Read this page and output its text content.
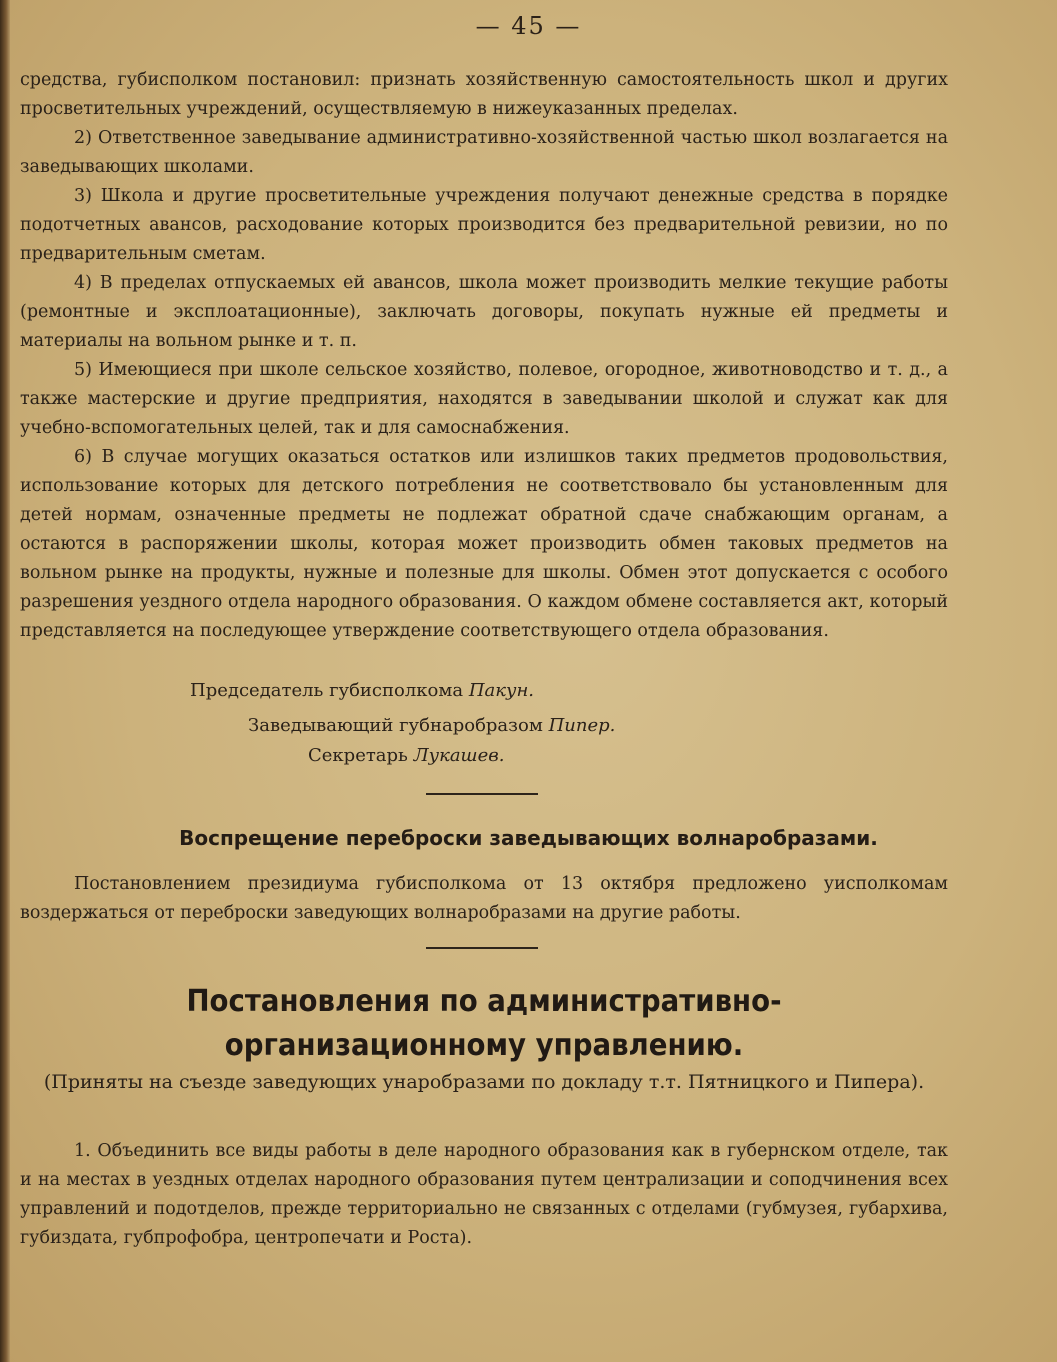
— 45 —

средства, губисполком постановил: признать хозяйственную самостоятельность школ и других просветительных учреждений, осуществляемую в нижеуказанных пределах.

2) Ответственное заведывание административно-хозяйственной частью школ возлагается на заведывающих школами.

3) Школа и другие просветительные учреждения получают денежные средства в порядке подотчетных авансов, расходование которых производится без предварительной ревизии, но по предварительным сметам.

4) В пределах отпускаемых ей авансов, школа может производить мелкие текущие работы (ремонтные и эксплоатационные), заключать договоры, покупать нужные ей предметы и материалы на вольном рынке и т. п.

5) Имеющиеся при школе сельское хозяйство, полевое, огородное, животноводство и т. д., а также мастерские и другие предприятия, находятся в заведывании школой и служат как для учебно-вспомогательных целей, так и для самоснабжения.

6) В случае могущих оказаться остатков или излишков таких предметов продовольствия, использование которых для детского потребления не соответствовало бы установленным для детей нормам, означенные предметы не подлежат обратной сдаче снабжающим органам, а остаются в распоряжении школы, которая может производить обмен таковых предметов на вольном рынке на продукты, нужные и полезные для школы. Обмен этот допускается с особого разрешения уездного отдела народного образования. О каждом обмене составляется акт, который представляется на последующее утверждение соответствующего отдела образования.

Председатель губисполкома Пакун.
Заведывающий губнаробразом Пипер.
Секретарь Лукашев.
Воспрещение переброски заведывающих волнаробразами.

Постановлением президиума губисполкома от 13 октября предложено уисполкомам воздержаться от переброски заведующих волнаробразами на другие работы.

Постановления по административно-организационному управлению.
(Приняты на съезде заведующих унаробразами по докладу т.т. Пятницкого и Пипера).

1. Объединить все виды работы в деле народного образования как в губернском отделе, так и на местах в уездных отделах народного образования путем централизации и соподчинения всех управлений и подотделов, прежде территориально не связанных с отделами (губмузея, губархива, губиздата, губпрофобра, центропечати и Роста).
